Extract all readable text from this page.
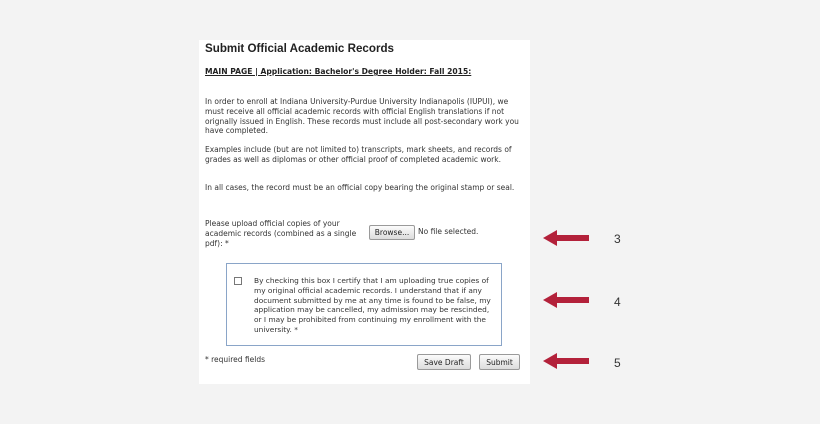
Submit Official Academic Records
MAIN PAGE | Application: Bachelor's Degree Holder: Fall 2015:

In order to enroll at Indiana University-Purdue University Indianapolis (IUPUI), we must receive all official academic records with official English translations if not orignally issued in English. These records must include all post-secondary work you have completed.

Examples include (but are not limited to) transcripts, mark sheets, and records of grades as well as diplomas or other official proof of completed academic work.

In all cases, the record must be an official copy bearing the original stamp or seal.

Please upload official copies of your academic records (combined as a single pdf): *
Browse...	No file selected.
By checking this box I certify that I am uploading true copies of my original official academic records. I understand that if any document submitted by me at any time is found to be false, my application may be cancelled, my admission may be rescinded, or I may be prohibited from continuing my enrollment with the university. *
* required fields	Save Draft	Submit
3
4
5
